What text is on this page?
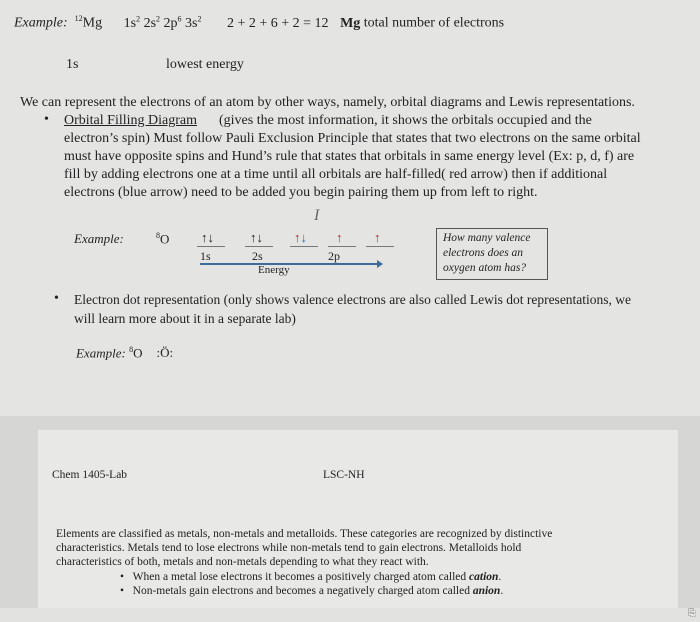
Example: $^{12}$Mg $1s^2$ $2s^2$ $2p^6$ $3s^2$ 2 + 2 + 6 + 2 = 12 Mg total number of electrons
1s	lowest energy
We can represent the electrons of an atom by other ways, namely, orbital diagrams and Lewis representations.
• Orbital Filling Diagram (gives the most information, it shows the orbitals occupied and the
electron’s spin) Must follow Pauli Exclusion Principle that states that two electrons on the same orbital
must have opposite spins and Hund’s rule that states that orbitals in same energy level (Ex: p, d, f) are
fill by adding electrons one at a time until all orbitals are half-filled( red arrow) then if additional
electrons (blue arrow) need to be added you begin pairing them up from left to right.
Example:	$^8$O
I
↑↓	↑↓ ↑↓ ↑ ↑
1s	2s	2p
Energy
How many valence electrons does an oxygen atom has?
• Electron dot representation (only shows valence electrons are also called Lewis dot representations, we
will learn more about it in a separate lab)
Example: $^8$O :Ö:
Chem 1405-Lab	LSC-NH
Elements are classified as metals, non-metals and metalloids. These categories are recognized by distinctive
characteristics. Metals tend to lose electrons while non-metals tend to gain electrons. Metalloids hold
characteristics of both, metals and non-metals depending to what they react with.
•   When a metal lose electrons it becomes a positively charged atom called cation.
•   Non-metals gain electrons and becomes a negatively charged atom called anion.
⎘
